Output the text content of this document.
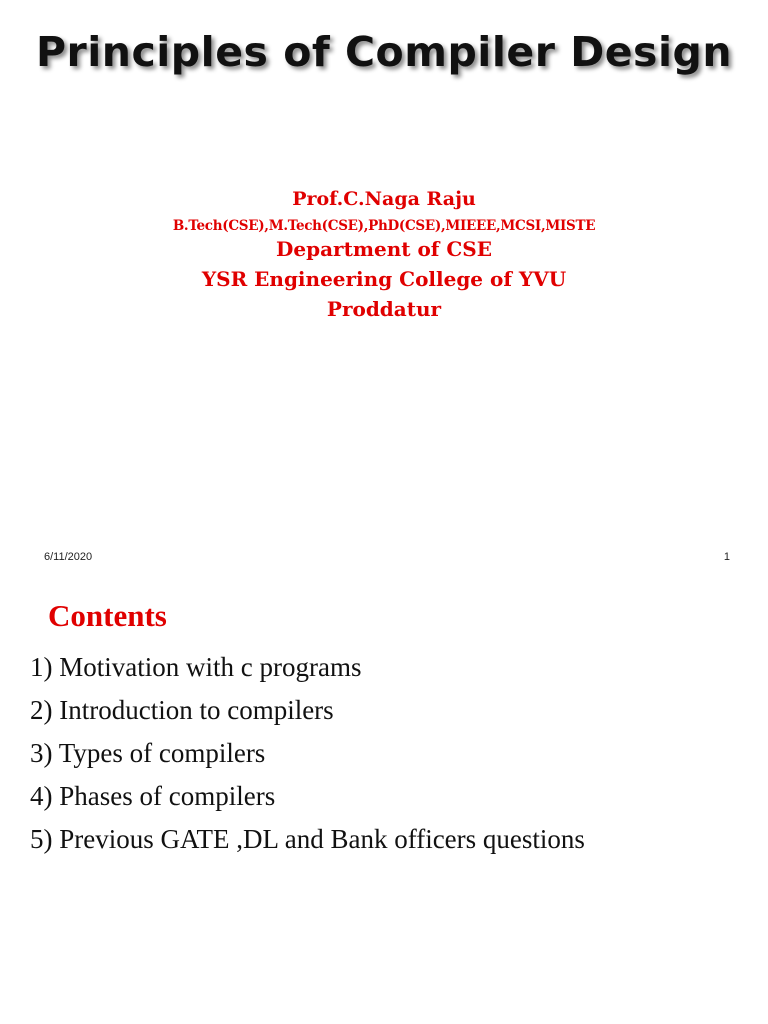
Principles of Compiler Design
Prof.C.Naga Raju
B.Tech(CSE),M.Tech(CSE),PhD(CSE),MIEEE,MCSI,MISTE
Department of CSE
YSR Engineering College of YVU
Proddatur
6/11/2020	1
Contents
1) Motivation with c programs
2) Introduction to compilers
3) Types of compilers
4) Phases of compilers
5) Previous GATE ,DL and Bank officers questions
